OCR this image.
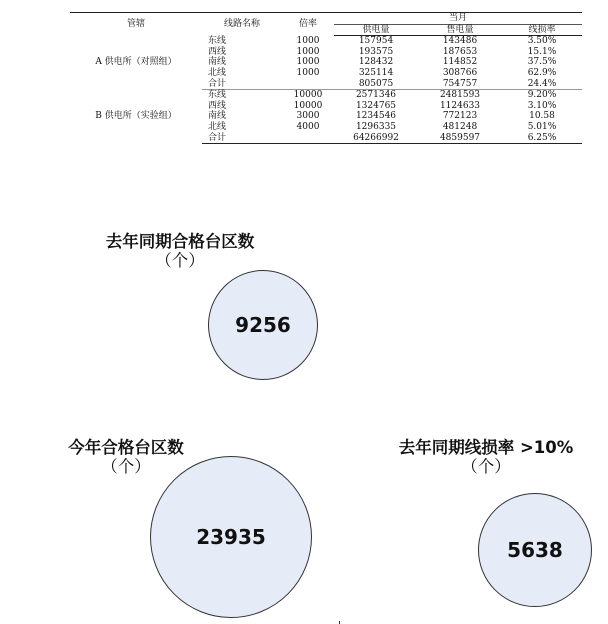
管辖	线路名称	倍率	当月		
			供电量	售电量	线损率
A 供电所（对照组）	东线	1000	157954	143486	3.50%
	西线	1000	193575	187653	15.1%
	南线	1000	128432	114852	37.5%
	北线	1000	325114	308766	62.9%
	合计		805075	754757	24.4%
B 供电所（实验组）	东线	10000	2571346	2481593	9.20%
	西线	10000	1324765	1124633	3.10%
	南线	3000	1234546	772123	10.58
	北线	4000	1296335	481248	5.01%
	合计		64266992	4859597	6.25%
去年同期合格台区数
（个）
9256
今年合格台区数
（个）
23935
去年同期线损率 >10%
（个）
5638
